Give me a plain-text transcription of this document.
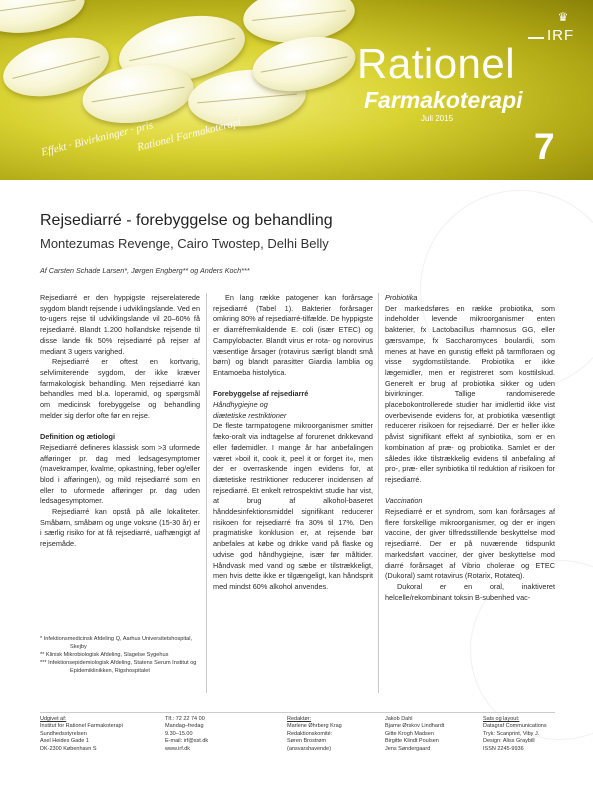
♛
IRF
Rationel
Farmakoterapi
Juli 2015
7
Effekt · Bivirkninger · pris
Rationel Farmakoterapi
Rejsediarré - forebyggelse og behandling
Montezumas Revenge, Cairo Twostep, Delhi Belly
Af Carsten Schade Larsen*, Jørgen Engberg** og Anders Koch***

Rejsediarré er den hyppigste rejserelaterede sygdom blandt rejsende i udviklingslande. Ved en to-ugers rejse til udviklingslande vil 20–60% få rejsediarré. Blandt 1.200 hollandske rejsende til disse lande fik 50% rejsediarré på rejser af mediant 3 ugers varighed.

Rejsediarré er oftest en kortvarig, selvlimiterende sygdom, der ikke kræver farmakologisk behandling. Men rejsediarré kan behandles med bl.a. loperamid, og spørgsmål om medicinsk forebyggelse og behandling melder sig derfor ofte før en rejse.

Definition og ætiologi

Rejsediarré defineres klassisk som >3 uformede afføringer pr. dag med ledsagesymptomer (mavekramper, kvalme, opkastning, feber og/eller blod i afføringen), og mild rejsediarré som en eller to uformede afføringer pr. dag uden ledsagesymptomer.

Rejsediarré kan opstå på alle lokaliteter. Småbørn, småbørn og unge voksne (15-30 år) er i særlig risiko for at få rejsediarré, uafhængigt af rejsemåde.

En lang række patogener kan forårsage rejsediarré (Tabel 1). Bakterier forårsager omkring 80% af rejsediarré-tilfælde. De hyppigste er diarréfremkaldende E. coli (især ETEC) og Campylobacter. Blandt virus er rota- og norovirus væsentlige årsager (rotavirus særligt blandt små børn) og blandt parasitter Giardia lamblia og Entamoeba histolytica.

Forebyggelse af rejsediarré

Håndhygiejne og

diætetiske restriktioner

De fleste tarmpatogene mikroorganismer smitter fæko-oralt via indtagelse af forurenet drikkevand eller fødemidler. I mange år har anbefalingen været »boil it, cook it, peel it or forget it«, men der er overraskende ingen evidens for, at diætetiske restriktioner reducerer incidensen af rejsediarré. Et enkelt retrospektivt studie har vist, at brug af alkohol-baseret hånddesinfektionsmiddel signifikant reducerer risikoen for rejsediarré fra 30% til 17%. Den pragmatiske konklusion er, at rejsende bør anbefales at købe og drikke vand på flaske og udvise god håndhygiejne, især før måltider. Håndvask med vand og sæbe er tilstrækkeligt, men hvis dette ikke er tilgængeligt, kan håndsprit med mindst 60% alkohol anvendes.

Probiotika

Der markedsføres en række probiotika, som indeholder levende mikroorganismer enten bakterier, fx Lactobacillus rhamnosus GG, eller gærsvampe, fx Saccharomyces boulardii, som menes at have en gunstig effekt på tarmfloraen og visse sygdomstilstande. Probiotika er ikke lægemidler, men er registreret som kosttilskud. Generelt er brug af probiotika sikker og uden bivirkninger. Tallige randomiserede placebokontrollerede studier har imidlertid ikke vist overbevisende evidens for, at probiotika væsentligt reducerer risikoen for rejsediarré. Der er heller ikke påvist signifikant effekt af synbiotika, som er en kombination af præ- og probiotika. Samlet er der således ikke tilstrækkelig evidens til anbefaling af pro-, præ- eller synbiotika til reduktion af risikoen for rejsediarré.

Vaccination

Rejsediarré er et syndrom, som kan forårsages af flere forskellige mikroorganismer, og der er ingen vaccine, der giver tilfredsstillende beskyttelse mod rejsediarré. Der er på nuværende tidspunkt markedsført vacciner, der giver beskyttelse mod diarré forårsaget af Vibrio cholerae og ETEC (Dukoral) samt rotavirus (Rotarix, Rotateq).

Dukoral er en oral, inaktiveret helcelle/rekombinant toksin B-subenhed vac-

* Infektionsmedicinsk Afdeling Q, Aarhus Universitetshospital, Skejby
** Klinisk Mikrobiologisk Afdeling, Slagelse Sygehus
*** Infektionsepidemiologisk Afdeling, Statens Serum Institut og Epidemiklinikken, Rigshospitalet
Udgivet af:
Institut for Rationel Farmakoterapi
Sundhedsstyrelsen
Axel Heides Gade 1
DK-2300 København S
Tlf.: 72 22 74 00
Mandag–fredag
9.30–15.00
E-mail: irf@sst.dk
www.irf.dk
Redaktør:
Marlene Øhrberg Krag
Redaktionskomité:
Søren Brostrøm
(ansvarshavende)
Jakob Dahl
Bjarne Ørskov Lindhardt
Gitte Krogh Madsen
Birgitte Klindt Poulsen
Jens Søndergaard
Sats og layout:
Datagraf Communications
Tryk: Scanprint, Viby J.
Design: Aliss Graybill
ISSN 2245-9936
